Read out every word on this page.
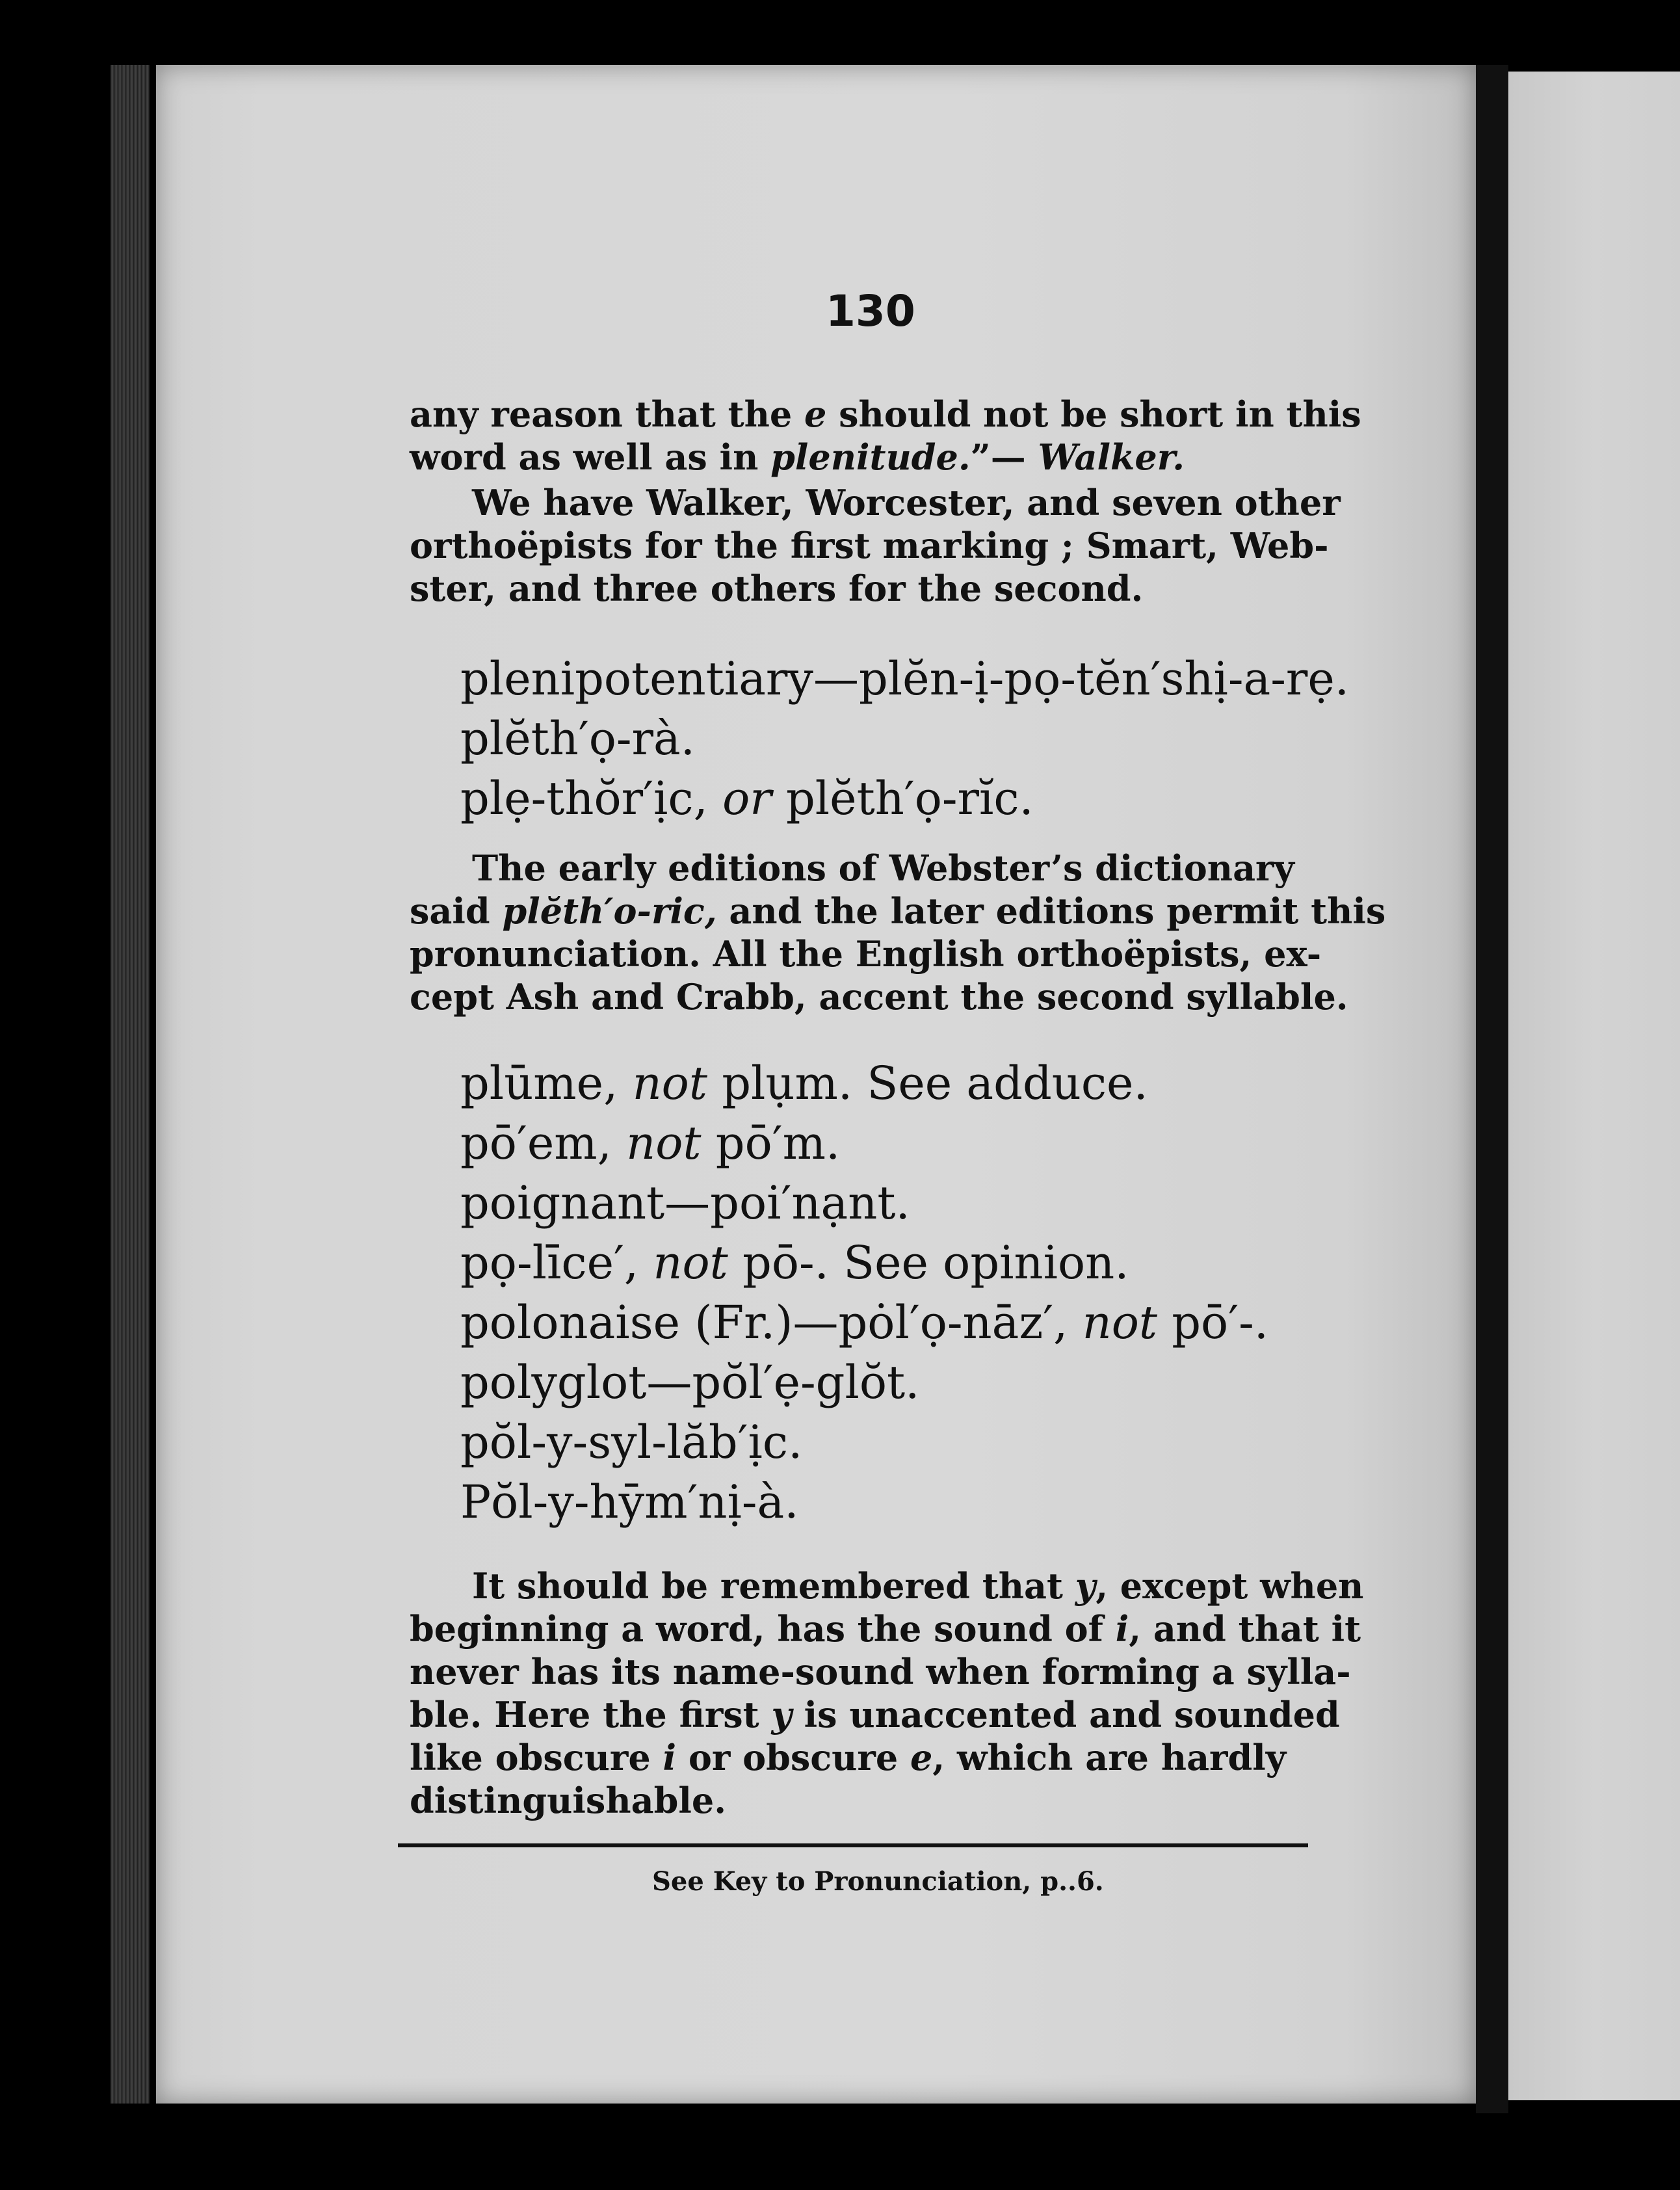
130
any reason that the e should not be short in this
word as well as in plenitude.”— Walker.
We have Walker, Worcester, and seven other
orthoëpists for the first marking ; Smart, Web-
ster, and three others for the second.
plenipotentiary—plĕn-ị-pọ-tĕn′shị-a-rẹ.
plĕth′ọ-rà.
plẹ-thŏr′ịc, or plĕth′ọ-rĭc.
The early editions of Webster’s dictionary
said plĕth′o-ric, and the later editions permit this
pronunciation. All the English orthoëpists, ex-
cept Ash and Crabb, accent the second syllable.
plūme, not plụm. See adduce.
pō′em, not pō′m.
poignant—poi′nạnt.
pọ-līce′, not pō-. See opinion.
polonaise (Fr.)—pȯl′ọ-nāz′, not pō′-.
polyglot—pŏl′ẹ-glŏt.
pŏl-y-syl-lăb′ịc.
Pŏl-y-hȳm′nị-à.
It should be remembered that y, except when
beginning a word, has the sound of i, and that it
never has its name-sound when forming a sylla-
ble. Here the first y is unaccented and sounded
like obscure i or obscure e, which are hardly
distinguishable.
See Key to Pronunciation, p..6.
